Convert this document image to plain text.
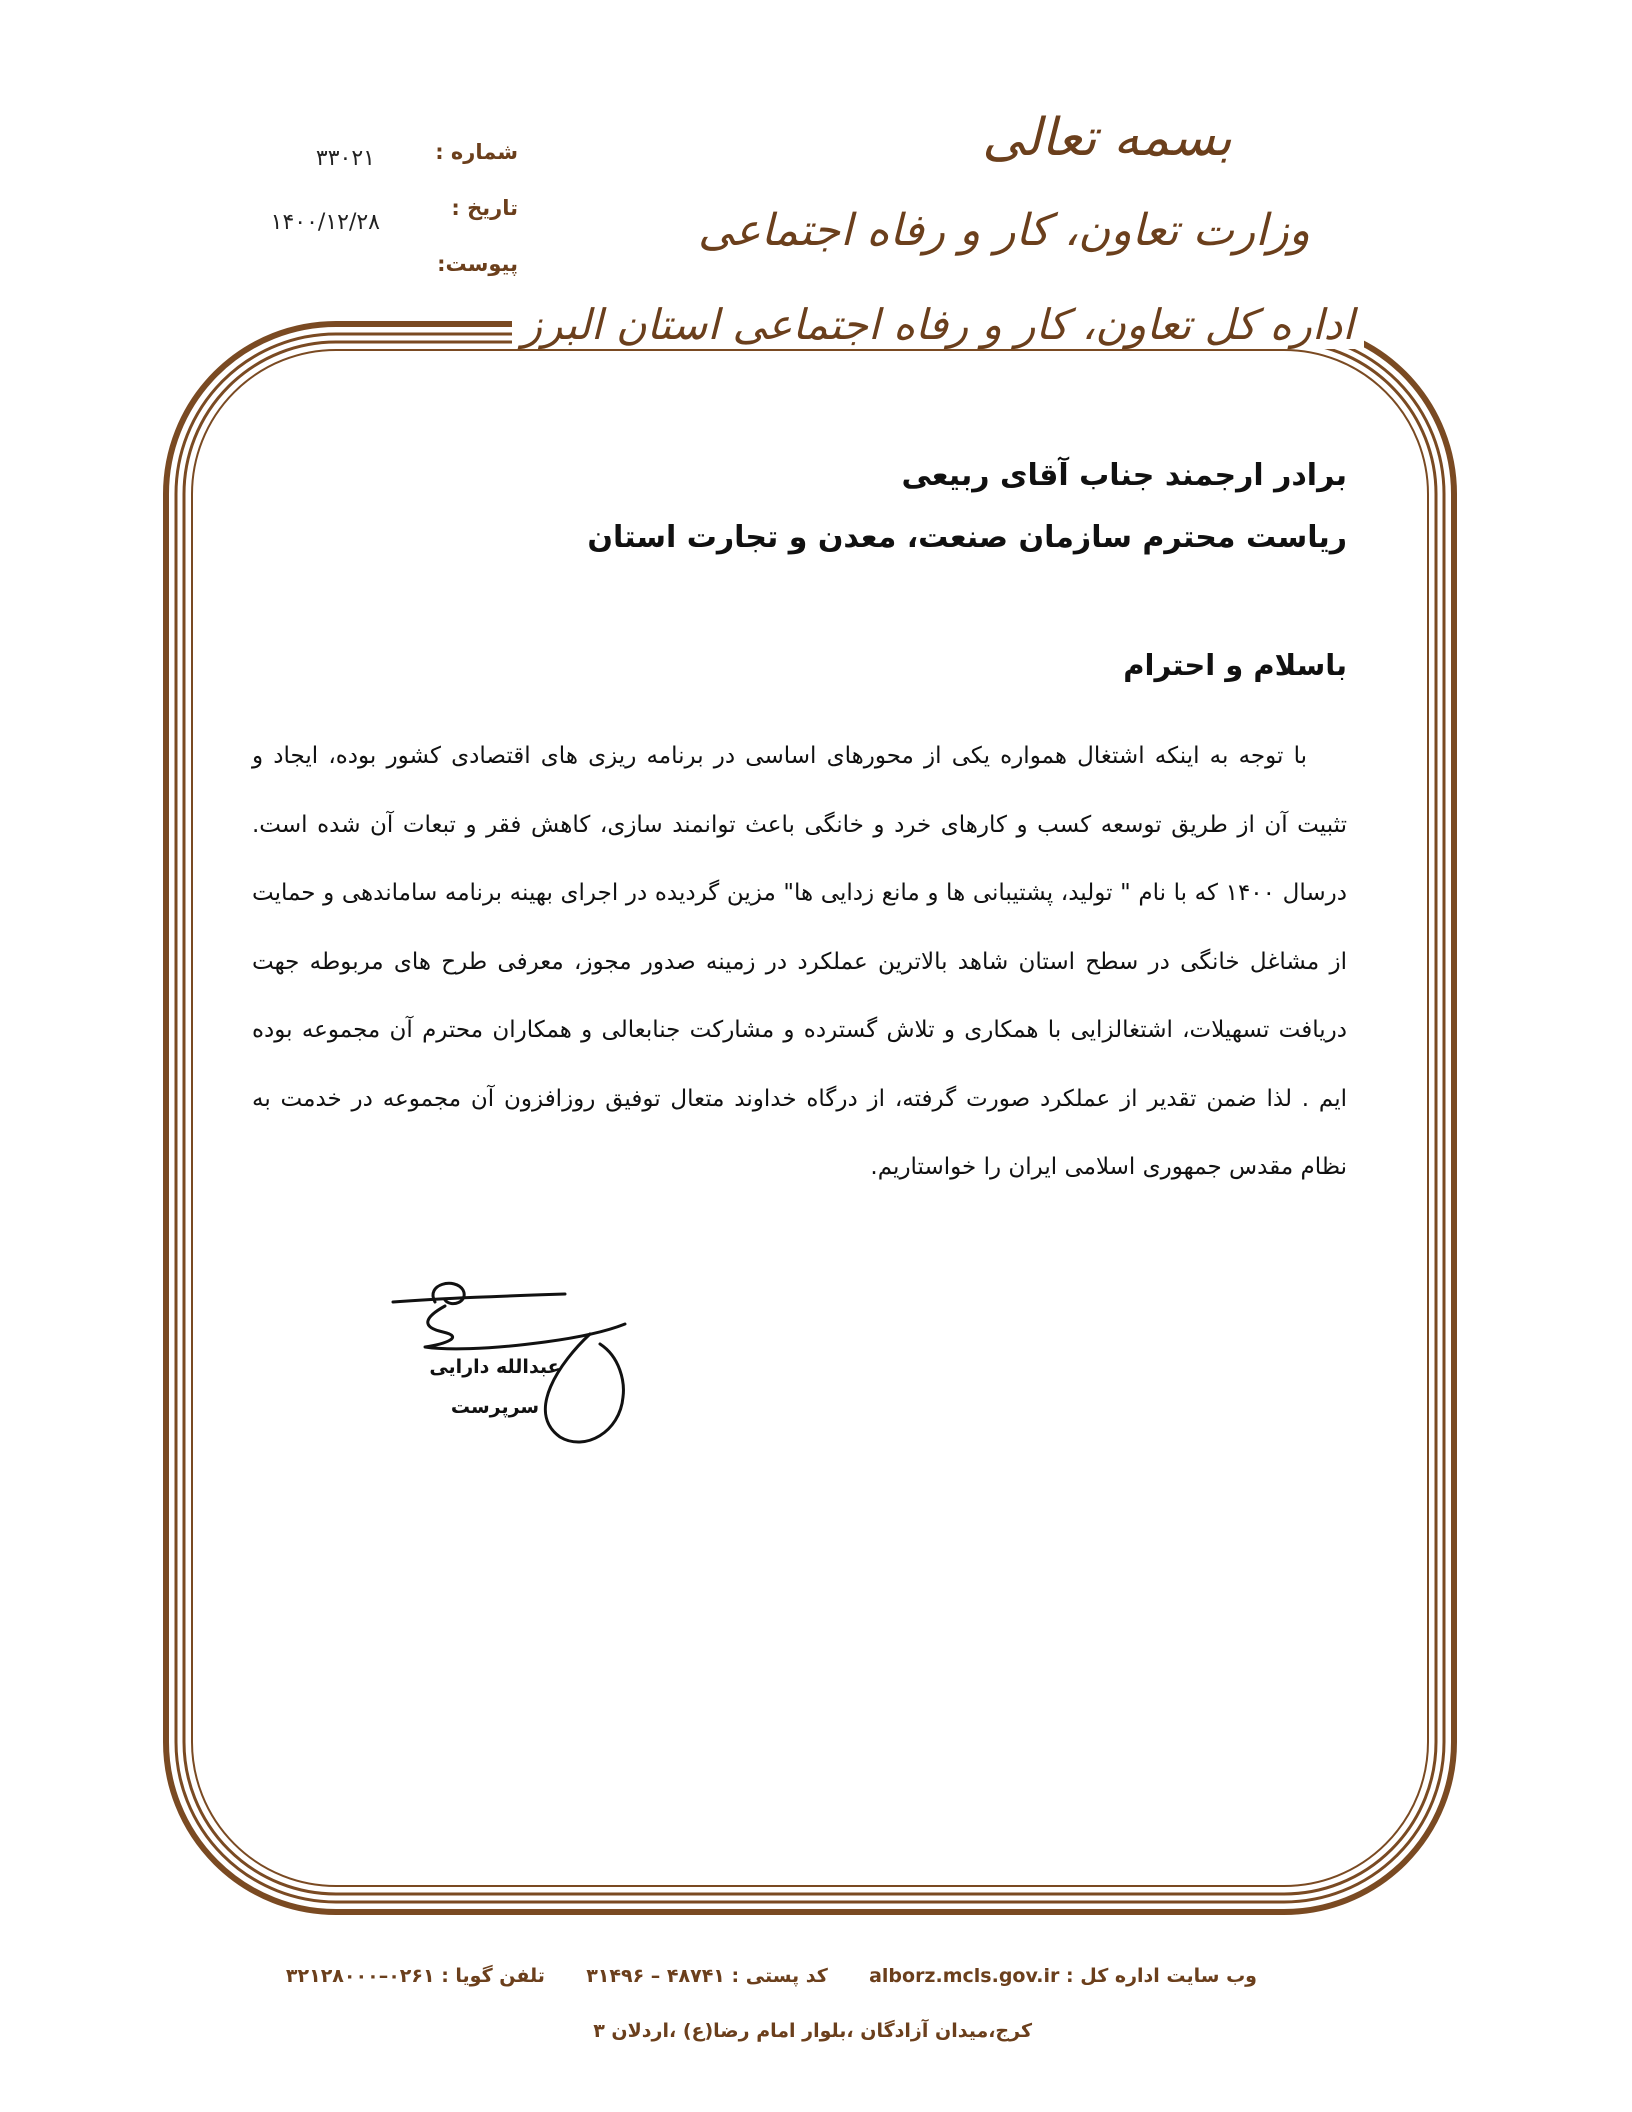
بسمه تعالی
وزارت تعاون، کار و رفاه اجتماعی
اداره کل تعاون، کار و رفاه اجتماعی استان البرز
شماره :
۳۳۰۲۱
تاریخ :
۱۴۰۰/۱۲/۲۸
پیوست:
برادر ارجمند جناب آقای ربیعی
ریاست محترم سازمان صنعت، معدن و تجارت استان
باسلام و احترام
با توجه به اینکه اشتغال همواره یکی از محورهای اساسی در برنامه ریزی های اقتصادی کشور بوده، ایجاد و تثبیت آن از طریق توسعه کسب و کارهای خرد و خانگی باعث توانمند سازی، کاهش فقر و تبعات آن شده است. درسال ۱۴۰۰ که با نام " تولید، پشتیبانی ها و مانع زدایی ها" مزین گردیده در اجرای بهینه برنامه ساماندهی و حمایت از مشاغل خانگی در سطح استان شاهد بالاترین عملکرد در زمینه صدور مجوز، معرفی طرح های مربوطه جهت دریافت تسهیلات، اشتغالزایی با همکاری و تلاش گسترده و مشارکت جنابعالی و همکاران محترم آن مجموعه بوده ایم . لذا ضمن تقدیر از عملکرد صورت گرفته، از درگاه خداوند متعال توفیق روزافزون آن مجموعه در خدمت به نظام مقدس جمهوری اسلامی ایران را خواستاریم.
عبدالله دارایی
سرپرست
وب سایت اداره کل : alborz.mcls.gov.ir  کد پستی : ۴۸۷۴۱ – ۳۱۴۹۶  تلفن گویا : ۰۲۶۱–۳۲۱۲۸۰۰۰
کرج،میدان آزادگان ،بلوار امام رضا(ع) ،اردلان ۳
